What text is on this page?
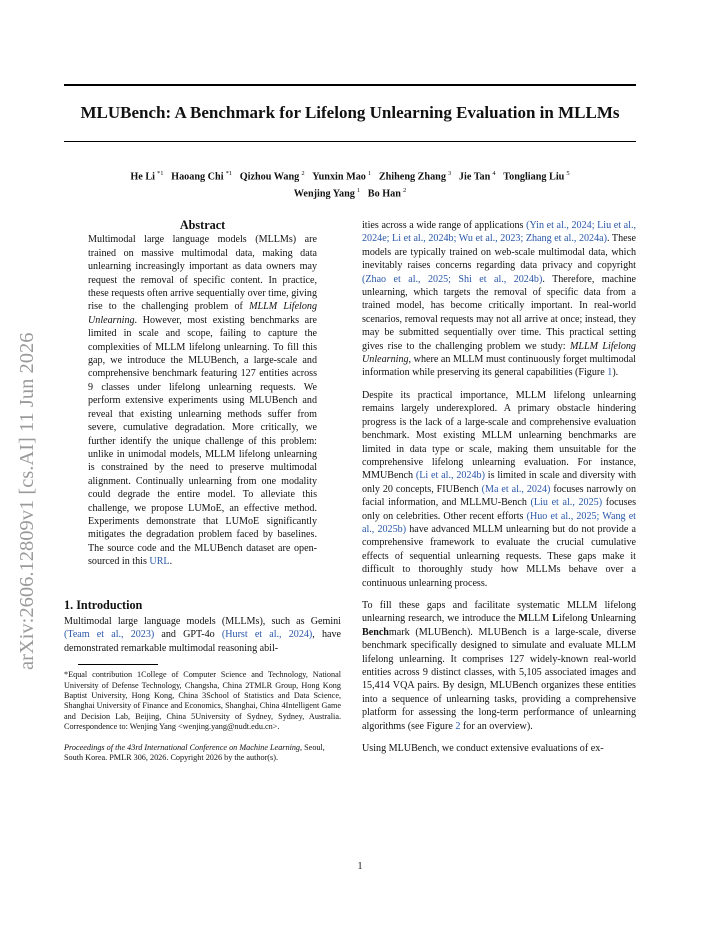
MLUBench: A Benchmark for Lifelong Unlearning Evaluation in MLLMs
He Li  $^{*1}$ Haoang Chi  $^{*1}$ Qizhou Wang  $^2$ Yunxin Mao  $^1$ Zhiheng Zhang  $^3$ Jie Tan  $^4$ Tongliang Liu  $^5$
Wenjing Yang  $^1$ Bo Han  $^2$
arXiv:2606.12809v1 [cs.AI] 11 Jun 2026
Abstract

Multimodal large language models (MLLMs) are trained on massive multimodal data, making data unlearning increasingly important as data owners may request the removal of specific content. In practice, these requests often arrive sequentially over time, giving rise to the challenging problem of MLLM Lifelong Unlearning. However, most existing benchmarks are limited in scale and scope, failing to capture the complexities of MLLM lifelong unlearning. To fill this gap, we introduce the MLUBench, a large-scale and comprehensive benchmark featuring 127 entities across 9 classes under lifelong unlearning requests. We perform extensive experiments using MLUBench and reveal that existing unlearning methods suffer from severe, cumulative degradation. More critically, we further identify the unique challenge of this problem: unlike in unimodal models, MLLM lifelong unlearning is constrained by the need to preserve multimodal alignment. Continually unlearning from one modality could degrade the entire model. To alleviate this challenge, we propose LUMoE, an effective method. Experiments demonstrate that LUMoE significantly mitigates the degradation problem faced by baselines. The source code and the MLUBench dataset are open-sourced in this URL.

1. Introduction

Multimodal large language models (MLLMs), such as Gemini (Team et al., 2023) and GPT-4o (Hurst et al., 2024), have demonstrated remarkable multimodal reasoning abil-

*Equal contribution 1College of Computer Science and Technology, National University of Defense Technology, Changsha, China 2TMLR Group, Hong Kong Baptist University, Hong Kong, China 3School of Statistics and Data Science, Shanghai University of Finance and Economics, Shanghai, China 4Intelligent Game and Decision Lab, Beijing, China 5University of Sydney, Sydney, Australia. Correspondence to: Wenjing Yang <wenjing.yang@nudt.edu.cn>.

Proceedings of the 43rd International Conference on Machine Learning, Seoul, South Korea. PMLR 306, 2026. Copyright 2026 by the author(s).

ities across a wide range of applications (Yin et al., 2024; Liu et al., 2024e; Li et al., 2024b; Wu et al., 2023; Zhang et al., 2024a). These models are typically trained on web-scale multimodal data, which inevitably raises concerns regarding data privacy and copyright (Zhao et al., 2025; Shi et al., 2024b). Therefore, machine unlearning, which targets the removal of specific data from a trained model, has become critically important. In real-world scenarios, removal requests may not all arrive at once; instead, they may be submitted sequentially over time. This practical setting gives rise to the challenging problem we study: MLLM Lifelong Unlearning, where an MLLM must continuously forget multimodal information while preserving its general capabilities (Figure 1).

Despite its practical importance, MLLM lifelong unlearning remains largely underexplored. A primary obstacle hindering progress is the lack of a large-scale and comprehensive evaluation benchmark. Most existing MLLM unlearning benchmarks are limited in data type or scale, making them unsuitable for the comprehensive lifelong unlearning evaluation. For instance, MMUBench (Li et al., 2024b) is limited in scale and diversity with only 20 concepts, FIUBench (Ma et al., 2024) focuses narrowly on facial information, and MLLMU-Bench (Liu et al., 2025) focuses only on celebrities. Other recent efforts (Huo et al., 2025; Wang et al., 2025b) have advanced MLLM unlearning but do not provide a comprehensive framework to evaluate the crucial cumulative effects of sequential unlearning requests. These gaps make it difficult to thoroughly study how MLLMs behave over a continuous unlearning process.

To fill these gaps and facilitate systematic MLLM lifelong unlearning research, we introduce the MLLM Lifelong Unlearning Benchmark (MLUBench). MLUBench is a large-scale, diverse benchmark specifically designed to simulate and evaluate MLLM lifelong unlearning. It comprises 127 widely-known real-world entities across 9 distinct classes, with 5,105 associated images and 15,414 VQA pairs. By design, MLUBench organizes these entities into a sequence of unlearning tasks, providing a comprehensive platform for assessing the long-term performance of unlearning algorithms (see Figure 2 for an overview).

Using MLUBench, we conduct extensive evaluations of ex-

1
